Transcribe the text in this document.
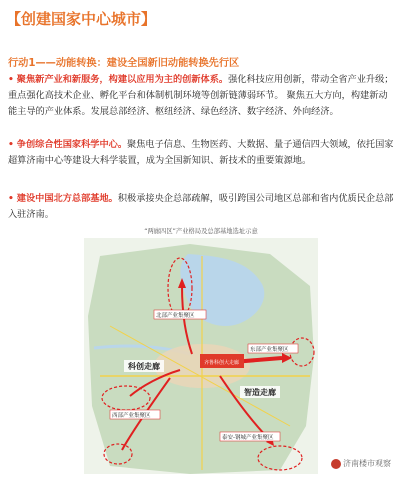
【创建国家中心城市】
行动1——动能转换：建设全国新旧动能转换先行区
• 聚焦新产业和新服务，构建以应用为主的创新体系。强化科技应用创新，带动全省产业升级；重点强化高技术企业、孵化平台和体制机制环境等创新链薄弱环节。 聚焦五大方向，构建新动能主导的产业体系。发展总部经济、枢纽经济、绿色经济、数字经济、外向经济。
• 争创综合性国家科学中心。聚焦电子信息、生物医药、大数据、量子通信四大领域，依托国家超算济南中心等建设大科学装置，成为全国新知识、新技术的重要策源地。
• 建设中国北方总部基地。积极承接央企总部疏解，吸引跨国公司地区总部和省内优质民企总部入驻济南。
科创走廊
智造走廊
北部产业集聚区
东部产业集聚区
西部产业集聚区
泰安-钢城产业集聚区
齐鲁科创大走廊
“两廊四区”产业格局及总部基地选址示意
济南楼市观察
